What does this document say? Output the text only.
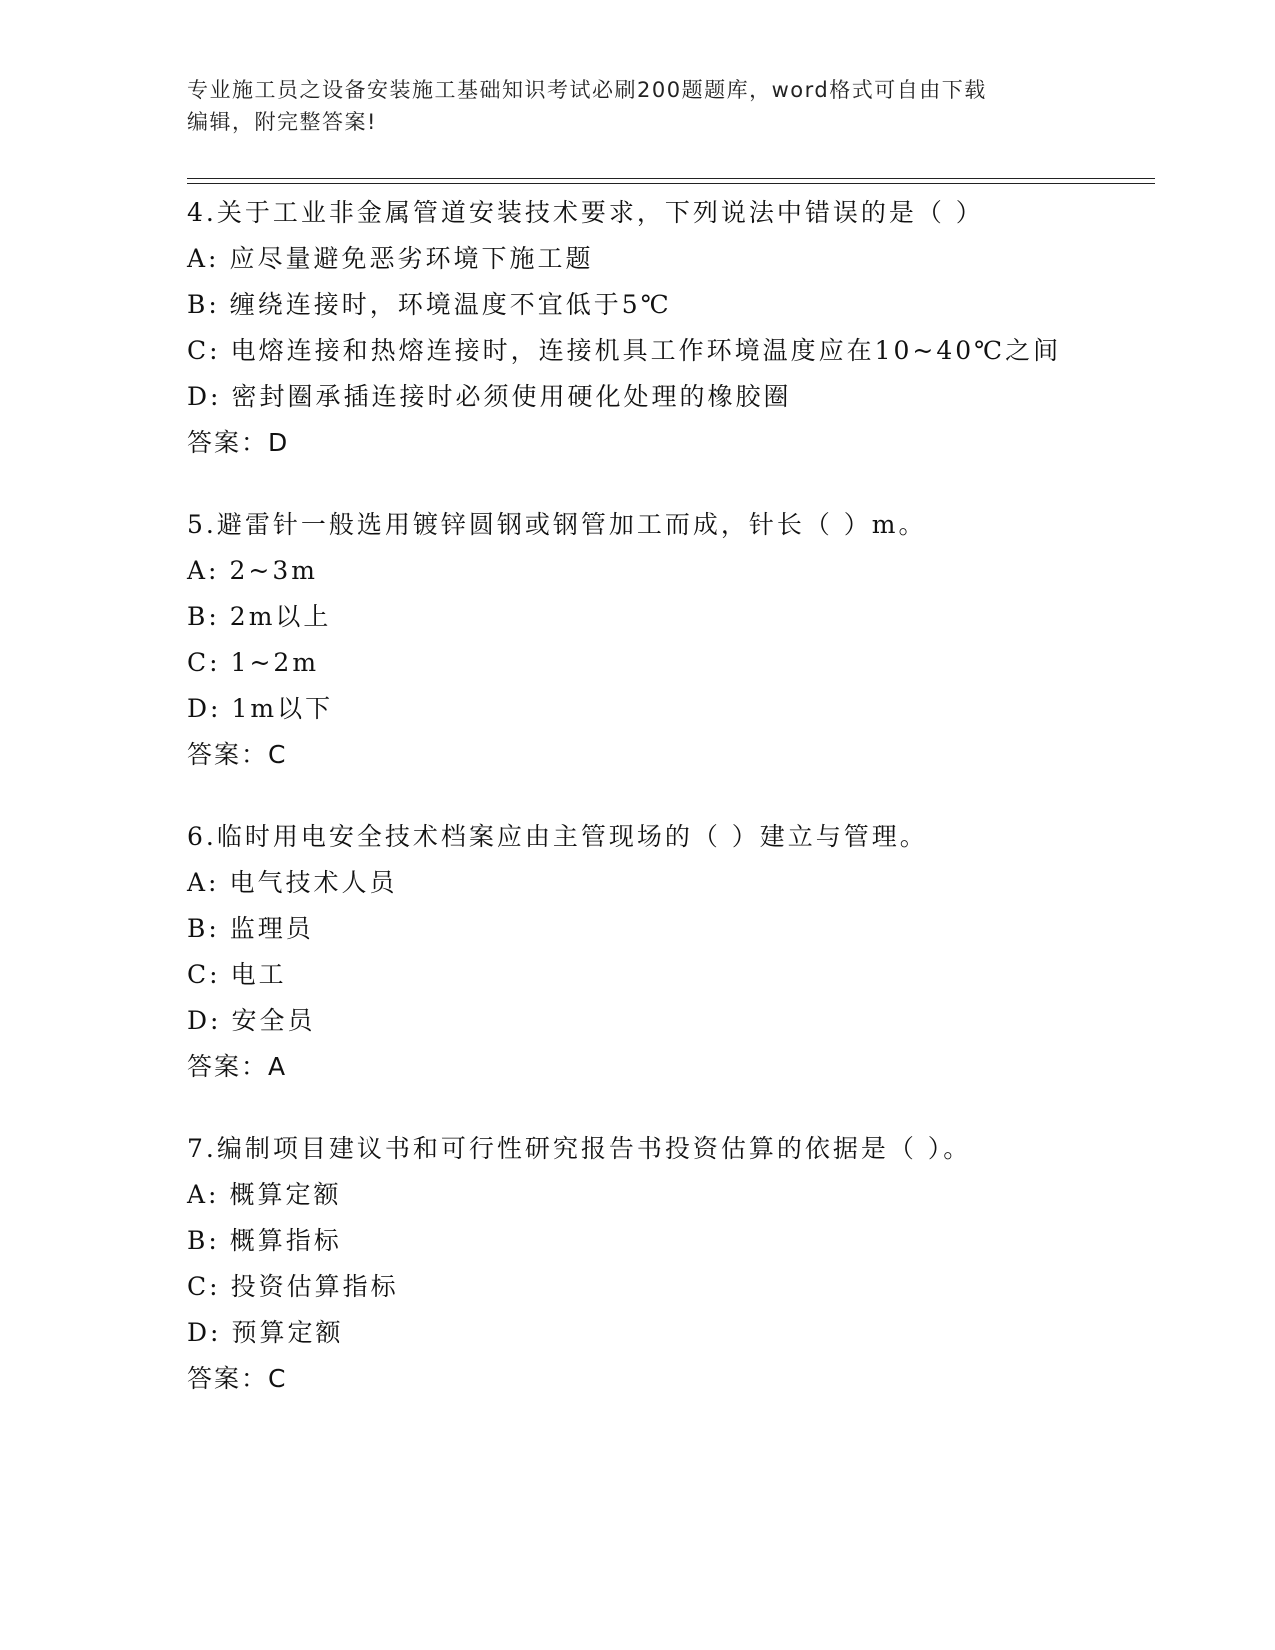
专业施工员之设备安装施工基础知识考试必刷200题题库，word格式可自由下载
编辑，附完整答案!
4.关于工业非金属管道安装技术要求，下列说法中错误的是（ ）
A: 应尽量避免恶劣环境下施工题
B: 缠绕连接时，环境温度不宜低于5℃
C: 电熔连接和热熔连接时，连接机具工作环境温度应在10~40℃之间
D: 密封圈承插连接时必须使用硬化处理的橡胶圈
答案：D
5.避雷针一般选用镀锌圆钢或钢管加工而成，针长（ ）m。
A: 2~3m
B: 2m以上
C: 1~2m
D: 1m以下
答案：C
6.临时用电安全技术档案应由主管现场的（ ）建立与管理。
A: 电气技术人员
B: 监理员
C: 电工
D: 安全员
答案：A
7.编制项目建议书和可行性研究报告书投资估算的依据是（ ）。
A: 概算定额
B: 概算指标
C: 投资估算指标
D: 预算定额
答案：C
